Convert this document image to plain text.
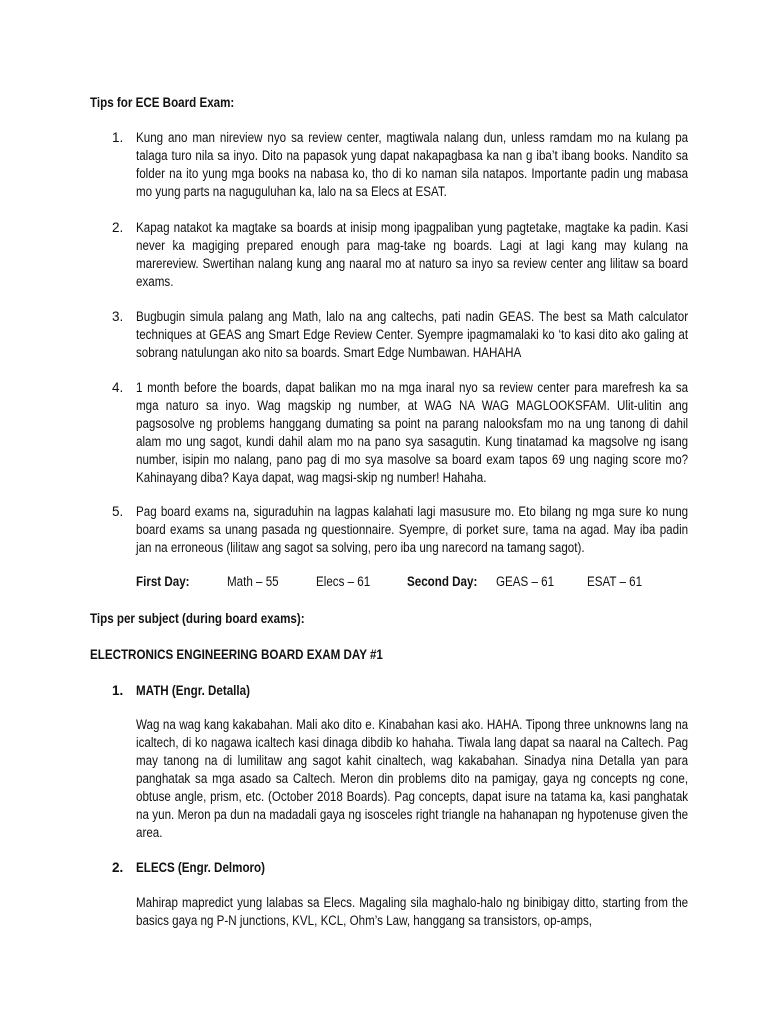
Tips for ECE Board Exam:
1. Kung ano man nireview nyo sa review center, magtiwala nalang dun, unless ramdam mo na kulang pa talaga turo nila sa inyo. Dito na papasok yung dapat nakapagbasa ka nan g iba’t ibang books. Nandito sa folder na ito yung mga books na nabasa ko, tho di ko naman sila natapos. Importante padin ung mabasa mo yung parts na naguguluhan ka, lalo na sa Elecs at ESAT.
2. Kapag natakot ka magtake sa boards at inisip mong ipagpaliban yung pagtetake, magtake ka padin. Kasi never ka magiging prepared enough para mag-take ng boards. Lagi at lagi kang may kulang na marereview. Swertihan nalang kung ang naaral mo at naturo sa inyo sa review center ang lilitaw sa board exams.
3. Bugbugin simula palang ang Math, lalo na ang caltechs, pati nadin GEAS. The best sa Math calculator techniques at GEAS ang Smart Edge Review Center. Syempre ipagmamalaki ko ‘to kasi dito ako galing at sobrang natulungan ako nito sa boards. Smart Edge Numbawan. HAHAHA
4. 1 month before the boards, dapat balikan mo na mga inaral nyo sa review center para marefresh ka sa mga naturo sa inyo. Wag magskip ng number, at WAG NA WAG MAGLOOKSFAM. Ulit-ulitin ang pagsosolve ng problems hanggang dumating sa point na parang nalooksfam mo na ung tanong di dahil alam mo ung sagot, kundi dahil alam mo na pano sya sasagutin. Kung tinatamad ka magsolve ng isang number, isipin mo nalang, pano pag di mo sya masolve sa board exam tapos 69 ung naging score mo? Kahinayang diba? Kaya dapat, wag magsi-skip ng number! Hahaha.
5. Pag board exams na, siguraduhin na lagpas kalahati lagi masusure mo. Eto bilang ng mga sure ko nung board exams sa unang pasada ng questionnaire. Syempre, di porket sure, tama na agad. May iba padin jan na erroneous (lilitaw ang sagot sa solving, pero iba ung narecord na tamang sagot).
First Day:	Math – 55	Elecs – 61	Second Day: GEAS – 61 ESAT – 61
Tips per subject (during board exams):
ELECTRONICS ENGINEERING BOARD EXAM DAY #1
1. MATH (Engr. Detalla)
Wag na wag kang kakabahan. Mali ako dito e. Kinabahan kasi ako. HAHA. Tipong three unknowns lang na icaltech, di ko nagawa icaltech kasi dinaga dibdib ko hahaha. Tiwala lang dapat sa naaral na Caltech. Pag may tanong na di lumilitaw ang sagot kahit cinaltech, wag kakabahan. Sinadya nina Detalla yan para panghatak sa mga asado sa Caltech. Meron din problems dito na pamigay, gaya ng concepts ng cone, obtuse angle, prism, etc. (October 2018 Boards). Pag concepts, dapat isure na tatama ka, kasi panghatak na yun. Meron pa dun na madadali gaya ng isosceles right triangle na hahanapan ng hypotenuse given the area.
2. ELECS (Engr. Delmoro)
Mahirap mapredict yung lalabas sa Elecs. Magaling sila maghalo-halo ng binibigay ditto, starting from the basics gaya ng P-N junctions, KVL, KCL, Ohm’s Law, hanggang sa transistors, op-amps,
